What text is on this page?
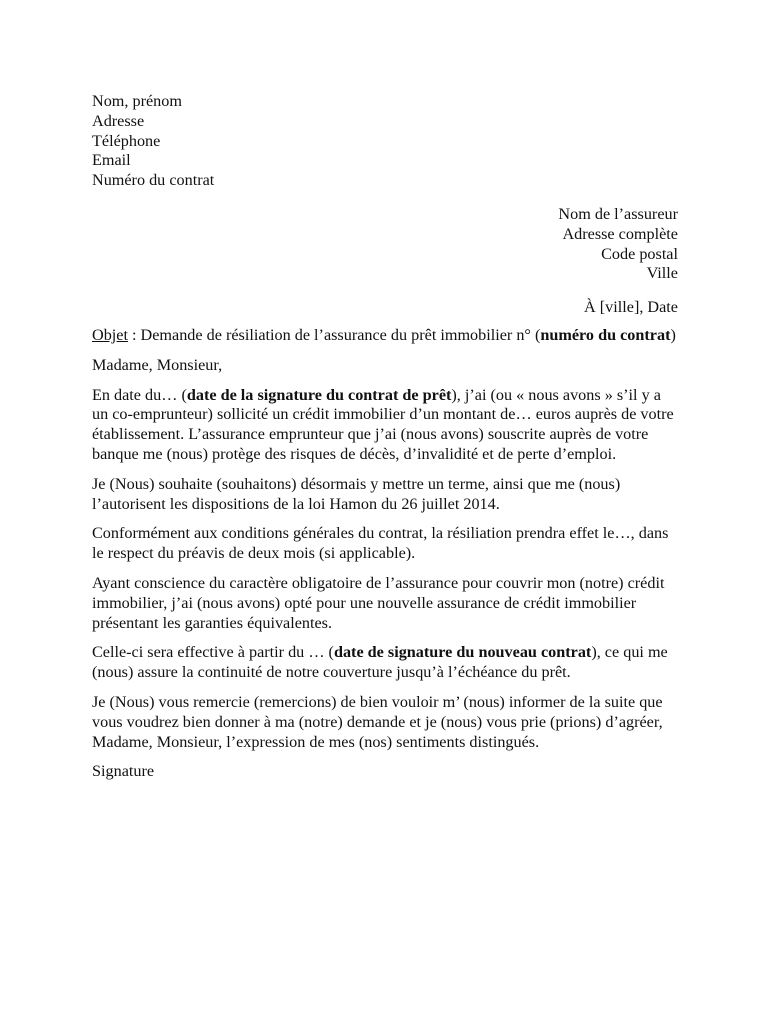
Nom, prénom
Adresse
Téléphone
Email
Numéro du contrat
Nom de l’assureur
Adresse complète
Code postal
Ville
À [ville], Date
Objet : Demande de résiliation de l’assurance du prêt immobilier n° (numéro du contrat)

Madame, Monsieur,

En date du… (date de la signature du contrat de prêt), j’ai (ou « nous avons » s’il y a un co-emprunteur) sollicité un crédit immobilier d’un montant de… euros auprès de votre établissement. L’assurance emprunteur que j’ai (nous avons) souscrite auprès de votre banque me (nous) protège des risques de décès, d’invalidité et de perte d’emploi.

Je (Nous) souhaite (souhaitons) désormais y mettre un terme, ainsi que me (nous) l’autorisent les dispositions de la loi Hamon du 26 juillet 2014.

Conformément aux conditions générales du contrat, la résiliation prendra effet le…, dans le respect du préavis de deux mois (si applicable).

Ayant conscience du caractère obligatoire de l’assurance pour couvrir mon (notre) crédit immobilier, j’ai (nous avons) opté pour une nouvelle assurance de crédit immobilier présentant les garanties équivalentes.

Celle-ci sera effective à partir du … (date de signature du nouveau contrat), ce qui me (nous) assure la continuité de notre couverture jusqu’à l’échéance du prêt.

Je (Nous) vous remercie (remercions) de bien vouloir m’ (nous) informer de la suite que vous voudrez bien donner à ma (notre) demande et je (nous) vous prie (prions) d’agréer, Madame, Monsieur, l’expression de mes (nos) sentiments distingués.

Signature
